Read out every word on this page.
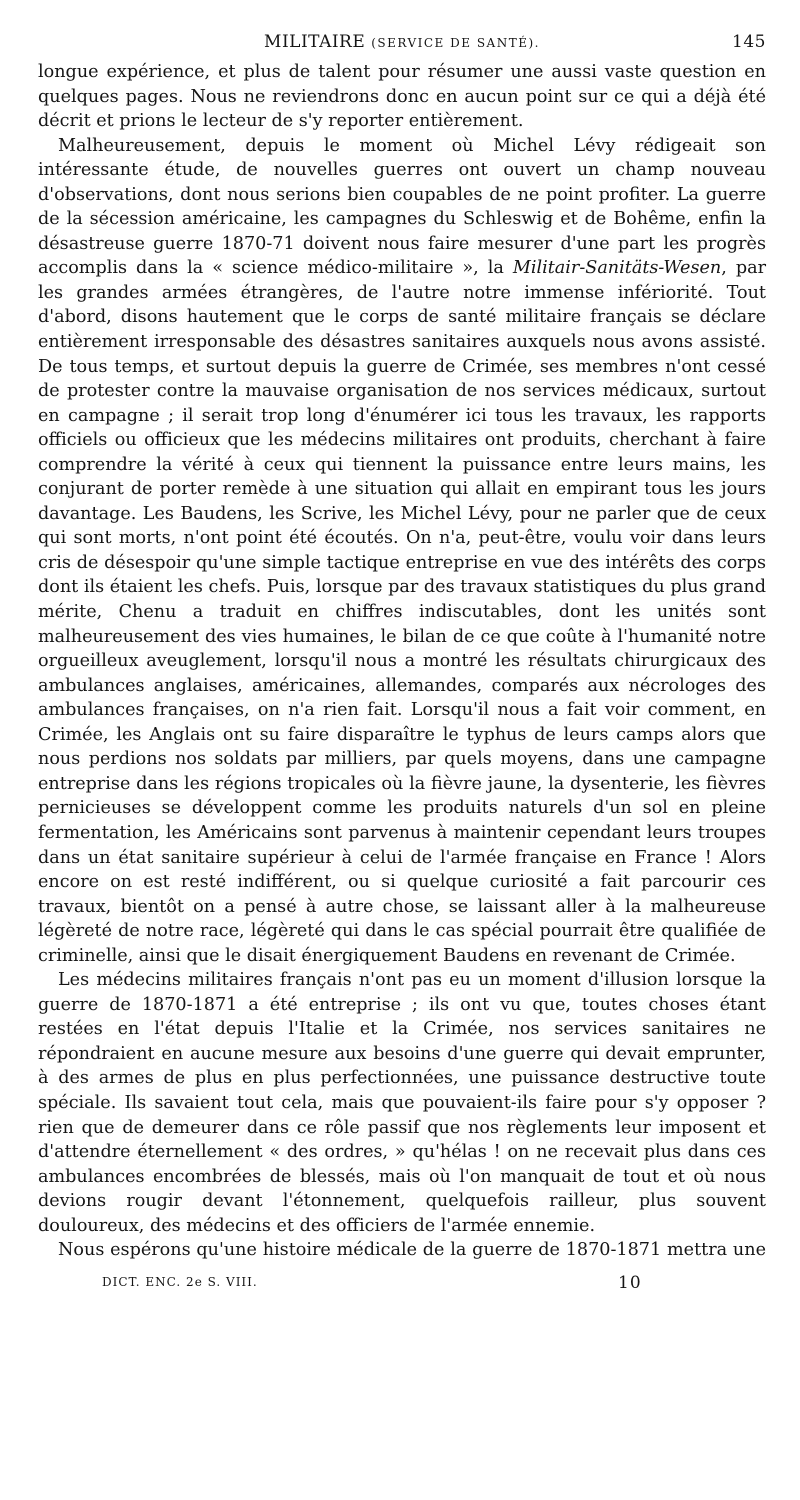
MILITAIRE (SERVICE DE SANTÉ).	145

longue expérience, et plus de talent pour résumer une aussi vaste question en quelques pages. Nous ne reviendrons donc en aucun point sur ce qui a déjà été décrit et prions le lecteur de s'y reporter entièrement.

Malheureusement, depuis le moment où Michel Lévy rédigeait son intéressante étude, de nouvelles guerres ont ouvert un champ nouveau d'observations, dont nous serions bien coupables de ne point profiter. La guerre de la sécession américaine, les campagnes du Schleswig et de Bohême, enfin la désastreuse guerre 1870-71 doivent nous faire mesurer d'une part les progrès accomplis dans la « science médico-militaire », la Militair-Sanitäts-Wesen, par les grandes armées étrangères, de l'autre notre immense infériorité. Tout d'abord, disons hautement que le corps de santé militaire français se déclare entièrement irresponsable des désastres sanitaires auxquels nous avons assisté. De tous temps, et surtout depuis la guerre de Crimée, ses membres n'ont cessé de protester contre la mauvaise organisation de nos services médicaux, surtout en campagne ; il serait trop long d'énumérer ici tous les travaux, les rapports officiels ou officieux que les médecins militaires ont produits, cherchant à faire comprendre la vérité à ceux qui tiennent la puissance entre leurs mains, les conjurant de porter remède à une situation qui allait en empirant tous les jours davantage. Les Baudens, les Scrive, les Michel Lévy, pour ne parler que de ceux qui sont morts, n'ont point été écoutés. On n'a, peut-être, voulu voir dans leurs cris de désespoir qu'une simple tactique entreprise en vue des intérêts des corps dont ils étaient les chefs. Puis, lorsque par des travaux statistiques du plus grand mérite, Chenu a traduit en chiffres indiscutables, dont les unités sont malheureusement des vies humaines, le bilan de ce que coûte à l'humanité notre orgueilleux aveuglement, lorsqu'il nous a montré les résultats chirurgicaux des ambulances anglaises, américaines, allemandes, comparés aux nécrologes des ambulances françaises, on n'a rien fait. Lorsqu'il nous a fait voir comment, en Crimée, les Anglais ont su faire disparaître le typhus de leurs camps alors que nous perdions nos soldats par milliers, par quels moyens, dans une campagne entreprise dans les régions tropicales où la fièvre jaune, la dysenterie, les fièvres pernicieuses se développent comme les produits naturels d'un sol en pleine fermentation, les Américains sont parvenus à maintenir cependant leurs troupes dans un état sanitaire supérieur à celui de l'armée française en France ! Alors encore on est resté indifférent, ou si quelque curiosité a fait parcourir ces travaux, bientôt on a pensé à autre chose, se laissant aller à la malheureuse légèreté de notre race, légèreté qui dans le cas spécial pourrait être qualifiée de criminelle, ainsi que le disait énergiquement Baudens en revenant de Crimée.

Les médecins militaires français n'ont pas eu un moment d'illusion lorsque la guerre de 1870-1871 a été entreprise ; ils ont vu que, toutes choses étant restées en l'état depuis l'Italie et la Crimée, nos services sanitaires ne répondraient en aucune mesure aux besoins d'une guerre qui devait emprunter, à des armes de plus en plus perfectionnées, une puissance destructive toute spéciale. Ils savaient tout cela, mais que pouvaient-ils faire pour s'y opposer ? rien que de demeurer dans ce rôle passif que nos règlements leur imposent et d'attendre éternellement « des ordres, » qu'hélas ! on ne recevait plus dans ces ambulances encombrées de blessés, mais où l'on manquait de tout et où nous devions rougir devant l'étonnement, quelquefois railleur, plus souvent douloureux, des médecins et des officiers de l'armée ennemie.

Nous espérons qu'une histoire médicale de la guerre de 1870-1871 mettra une

DICT. ENC. 2e S. VIII.	10
